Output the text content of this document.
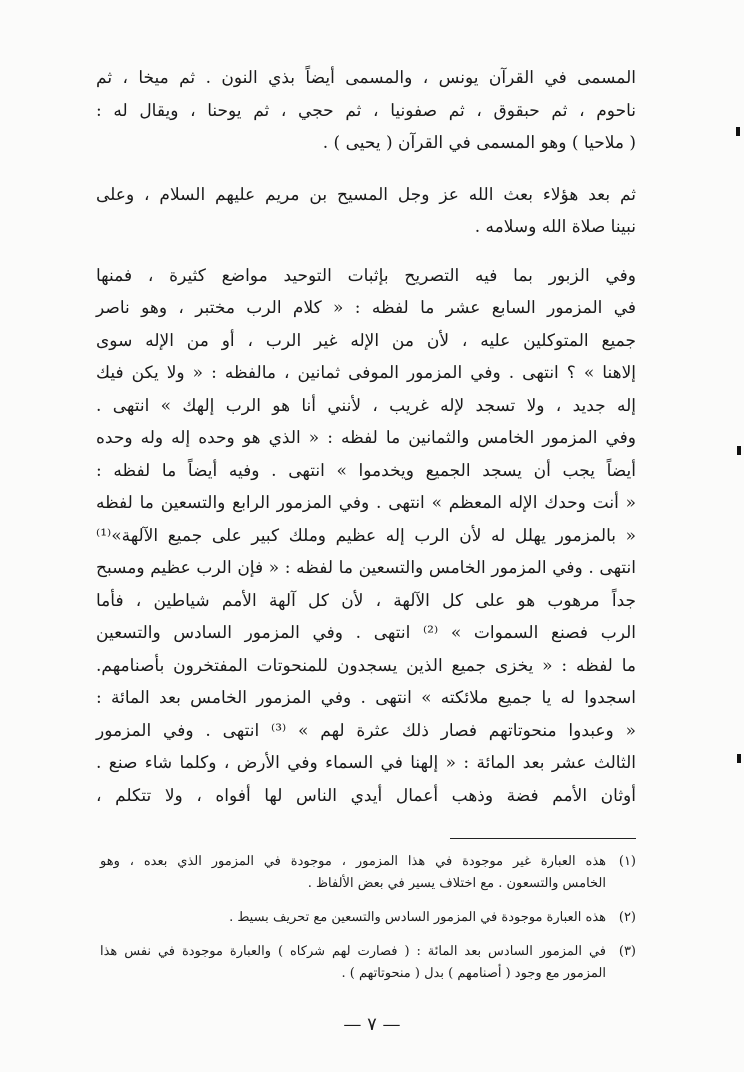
المسمى في القرآن يونس ، والمسمى أيضاً بذي النون . ثم ميخا ، ثم
ناحوم ، ثم حبقوق ، ثم صفونيا ، ثم حجي ، ثم يوحنا ، ويقال له :
( ملاحيا ) وهو المسمى في القرآن ( يحيى ) .

ثم بعد هؤلاء بعث الله عز وجل المسيح بن مريم عليهم السلام ، وعلى
نبينا صلاة الله وسلامه .

وفي الزبور بما فيه التصريح بإثبات التوحيد مواضع كثيرة ، فمنها
في المزمور السابع عشر ما لفظه : « كلام الرب مختبر ، وهو ناصر
جميع المتوكلين عليه ، لأن من الإله غير الرب ، أو من الإله سوى
إلاهنا » ؟ انتهى . وفي المزمور الموفى ثمانين ، مالفظه : « ولا يكن فيك
إله جديد ، ولا تسجد لإله غريب ، لأنني أنا هو الرب إلهك » انتهى .
وفي المزمور الخامس والثمانين ما لفظه : « الذي هو وحده إله وله وحده
أيضاً يجب أن يسجد الجميع ويخدموا » انتهى . وفيه أيضاً ما لفظه :
« أنت وحدك الإله المعظم » انتهى . وفي المزمور الرابع والتسعين ما لفظه
« بالمزمور يهلل له لأن الرب إله عظيم وملك كبير على جميع الآلهة»⁽¹⁾
انتهى . وفي المزمور الخامس والتسعين ما لفظه : « فإن الرب عظيم ومسبح
جداً مرهوب هو على كل الآلهة ، لأن كل آلهة الأمم شياطين ، فأما
الرب فصنع السموات » ⁽²⁾ انتهى . وفي المزمور السادس والتسعين
ما لفظه : « يخزى جميع الذين يسجدون للمنحوتات المفتخرون بأصنامهم.
اسجدوا له يا جميع ملائكته » انتهى . وفي المزمور الخامس بعد المائة :
« وعبدوا منحوتاتهم فصار ذلك عثرة لهم » ⁽³⁾ انتهى . وفي المزمور
الثالث عشر بعد المائة : « إلهنا في السماء وفي الأرض ، وكلما شاء صنع .
أوثان الأمم فضة وذهب أعمال أيدي الناس لها أفواه ، ولا تتكلم ،

(١)
هذه العبارة غير موجودة في هذا المزمور ، موجودة في المزمور الذي بعده ، وهو
الخامس والتسعون . مع اختلاف يسير في بعض الألفاظ .
(٢)
هذه العبارة موجودة في المزمور السادس والتسعين مع تحريف بسيط .
(٣)
في المزمور السادس بعد المائة : ( فصارت لهم شركاه ) والعبارة موجودة في نفس هذا
المزمور مع وجود ( أصنامهم ) بدل ( منحوتاتهم ) .
— ٧ —
